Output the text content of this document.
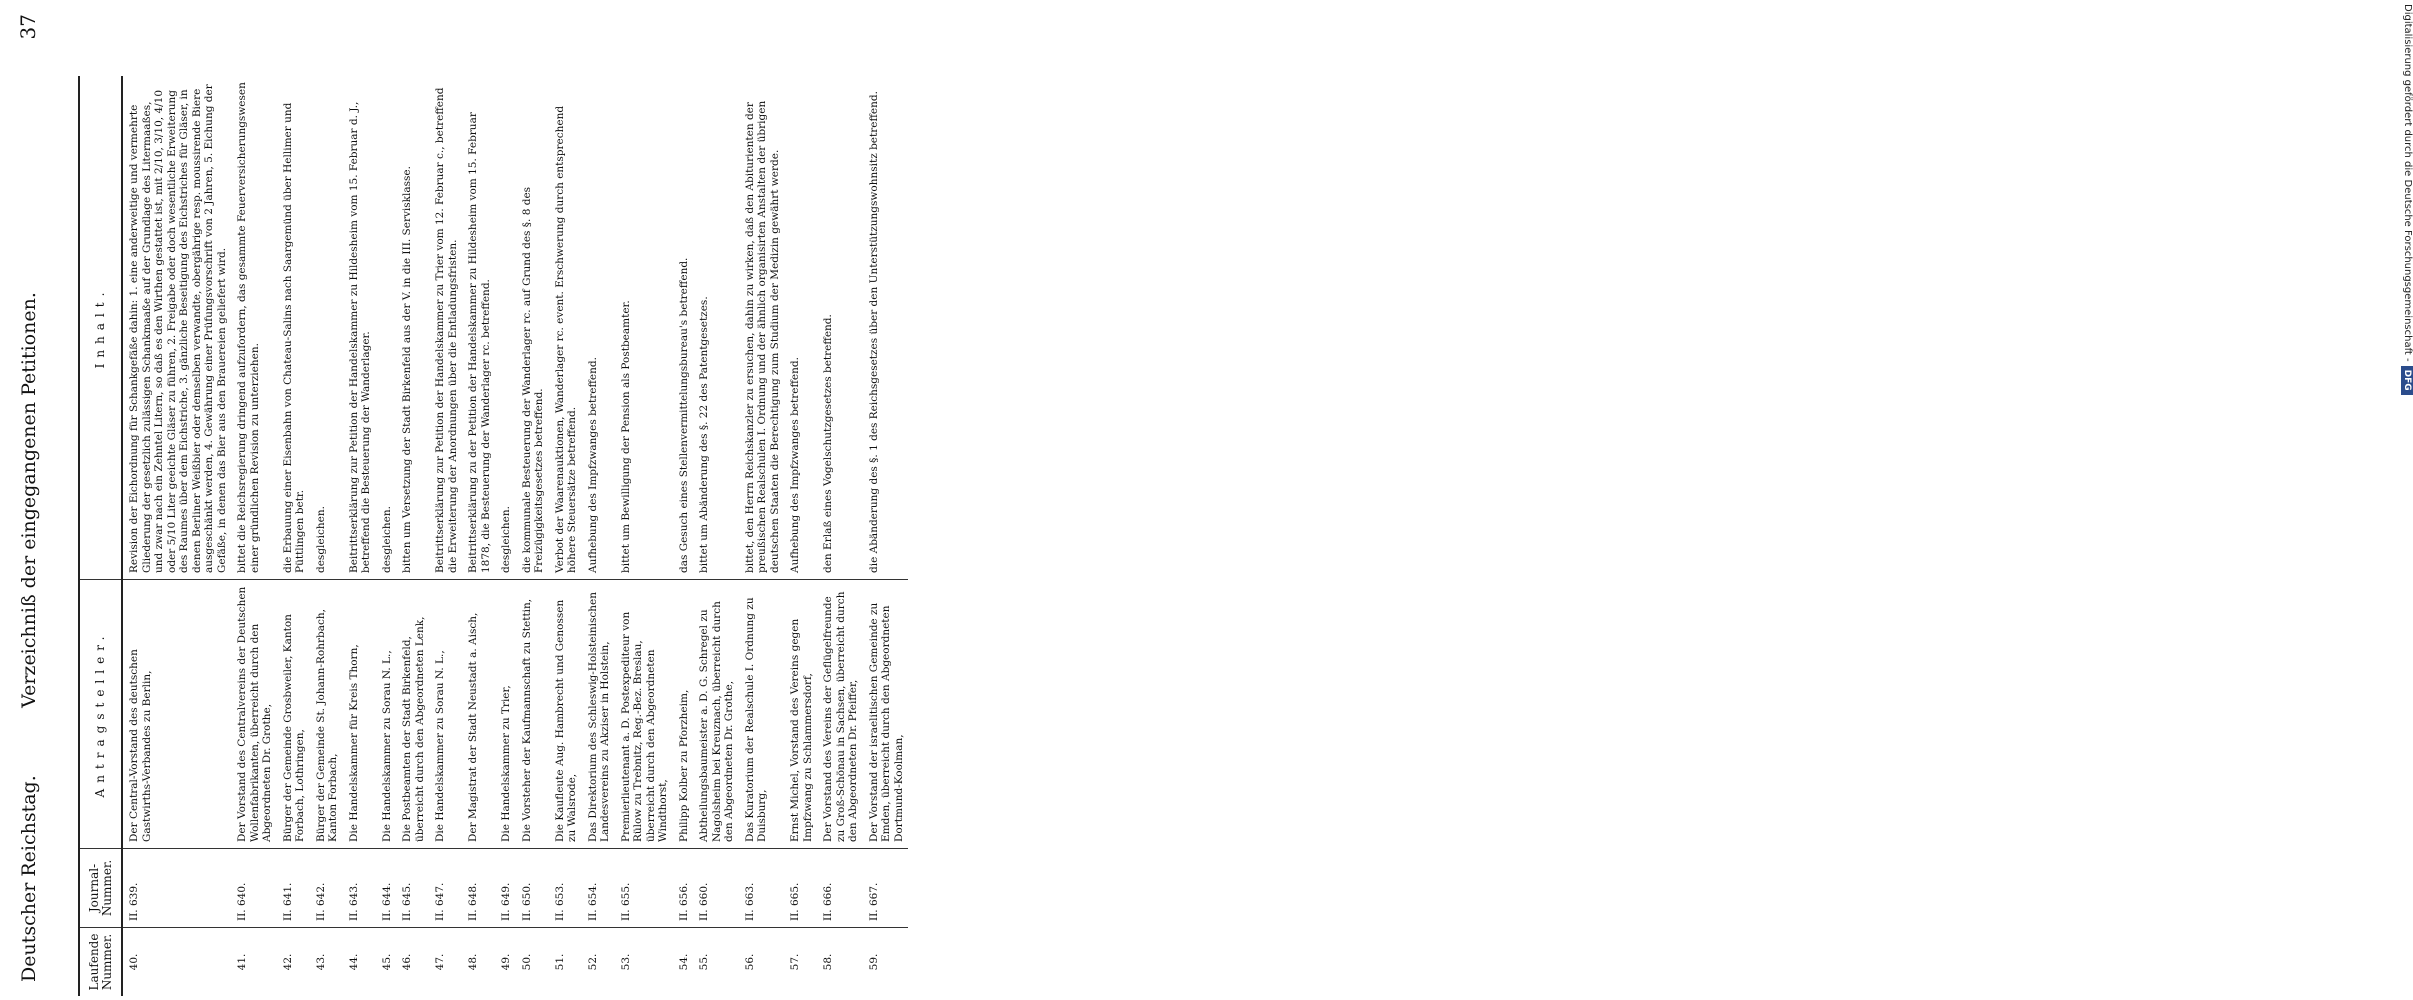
Deutscher Reichstag.
Verzeichniß der eingegangenen Petitionen.
37
Laufende Nummer.	Journal-Nummer.	Antragsteller.	Inhalt.
40.	II. 639.	Der Central-Vorstand des deutschen Gastwirths-Verbandes zu Berlin,	Revision der Eichordnung für Schankgefäße dahin: 1. eine anderweitige und vermehrte Gliederung der gesetzlich zulässigen Schankmaaße auf der Grundlage des Litermaaßes, und zwar nach ein Zehntel Litern, so daß es den Wirthen gestattet ist, mit 2/10, 3/10, 4/10 oder 5/10 Liter geeichte Gläser zu führen, 2. Freigabe oder doch wesentliche Erweiterung des Raumes über dem Eichstriche, 3. gänzliche Beseitigung des Eichstriches für Gläser, in denen Berliner Weißbier oder demselben verwandte, obergährige resp. moussirende Biere ausgeschänkt werden, 4. Gewährung einer Prüfungsvorschrift von 2 Jahren, 5. Eichung der Gefäße, in denen das Bier aus den Brauereien geliefert wird.
41.	II. 640.	Der Vorstand des Centralvereins der Deutschen Wollenfabrikanten, überreicht durch den Abgeordneten Dr. Grothe,	bittet die Reichsregierung dringend aufzufordern, das gesammte Feuerversicherungswesen einer gründlichen Revision zu unterziehen.
42.	II. 641.	Bürger der Gemeinde Grosbweiler, Kanton Forbach, Lothringen,	die Erbauung einer Eisenbahn von Chateau-Salins nach Saargemünd über Hellimer und Püttlingen betr.
43.	II. 642.	Bürger der Gemeinde St. Johann-Rohrbach, Kanton Forbach,	desgleichen.
44.	II. 643.	Die Handelskammer für Kreis Thorn,	Beitrittserklärung zur Petition der Handelskammer zu Hildesheim vom 15. Februar d. J., betreffend die Besteuerung der Wanderlager.
45.	II. 644.	Die Handelskammer zu Sorau N. L.,	desgleichen.
46.	II. 645.	Die Postbeamten der Stadt Birkenfeld, überreicht durch den Abgeordneten Lenk,	bitten um Versetzung der Stadt Birkenfeld aus der V. in die III. Servisklasse.
47.	II. 647.	Die Handelskammer zu Sorau N. L.,	Beitrittserklärung zur Petition der Handelskammer zu Trier vom 12. Februar c., betreffend die Erweiterung der Anordnungen über die Entladungsfristen.
48.	II. 648.	Der Magistrat der Stadt Neustadt a. Aisch,	Beitrittserklärung zu der Petition der Handelskammer zu Hildesheim vom 15. Februar 1878, die Besteuerung der Wanderlager rc. betreffend.
49.	II. 649.	Die Handelskammer zu Trier,	desgleichen.
50.	II. 650.	Die Vorsteher der Kaufmannschaft zu Stettin,	die kommunale Besteuerung der Wanderlager rc. auf Grund des §. 8 des Freizügigkeitsgesetzes betreffend.
51.	II. 653.	Die Kaufleute Aug. Hambrecht und Genossen zu Walsrode,	Verbot der Waarenauktionen, Wanderlager rc. event. Erschwerung durch entsprechend höhere Steuersätze betreffend.
52.	II. 654.	Das Direktorium des Schleswig-Holsteinischen Landesvereins zu Akziser in Holstein,	Aufhebung des Impfzwanges betreffend.
53.	II. 655.	Premierlieutenant a. D. Postexpediteur von Rülow zu Trebnitz, Reg.-Bez. Breslau, überreicht durch den Abgeordneten Windthorst,	bittet um Bewilligung der Pension als Postbeamter.
54.	II. 656.	Philipp Kolber zu Pforzheim,	das Gesuch eines Stellenvermittelungsbureau's betreffend.
55.	II. 660.	Abtheilungsbaumeister a. D. G. Schregel zu Nagolsheim bei Kreuznach, überreicht durch den Abgeordneten Dr. Grothe,	bittet um Abänderung des §. 22 des Patentgesetzes.
56.	II. 663.	Das Kuratorium der Realschule I. Ordnung zu Duisburg,	bittet, den Herrn Reichskanzler zu ersuchen, dahin zu wirken, daß den Abiturienten der preußischen Realschulen I. Ordnung und der ähnlich organisirten Anstalten der übrigen deutschen Staaten die Berechtigung zum Studium der Medizin gewährt werde.
57.	II. 665.	Ernst Michel, Vorstand des Vereins gegen Impfzwang zu Schlammersdorf,	Aufhebung des Impfzwanges betreffend.
58.	II. 666.	Der Vorstand des Vereins der Geflügelfreunde zu Groß-Schönau in Sachsen, überreicht durch den Abgeordneten Dr. Pfeiffer,	den Erlaß eines Vogelschutzgesetzes betreffend.
59.	II. 667.	Der Vorstand der israelitischen Gemeinde zu Emden, überreicht durch den Abgeordneten Dortmund-Koolman,	die Abänderung des §. 1 des Reichsgesetzes über den Unterstützungswohnsitz betreffend.	Digitalisierung gefördert durch die Deutsche Forschungsgemeinschaft -DFG
